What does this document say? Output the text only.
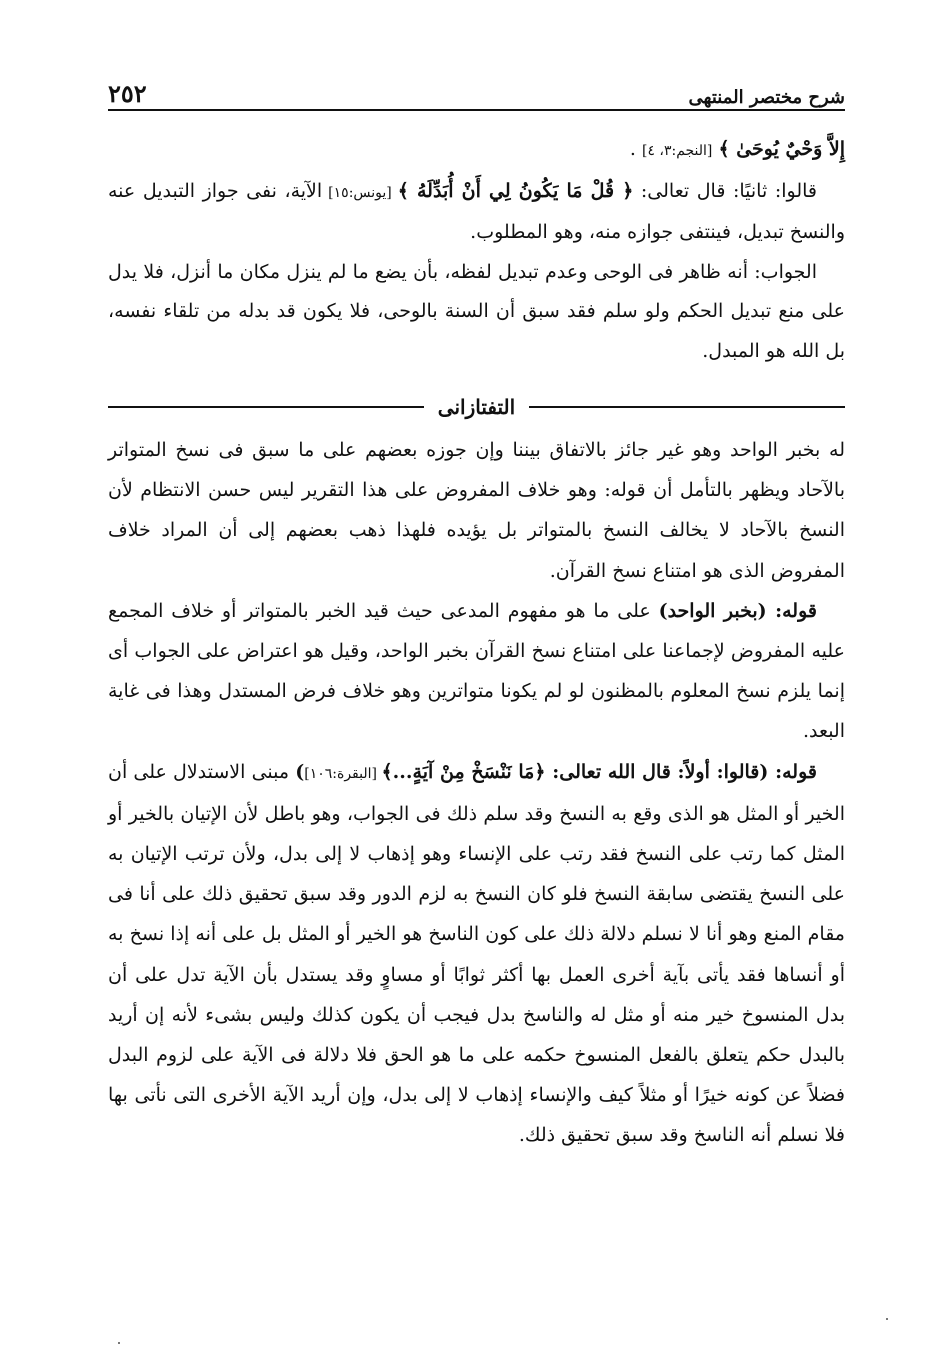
٢٥٢	شرح مختصر المنتهى

إِلاَّ وَحْيٌ يُوحَىٰ ﴾ [النجم:٣، ٤] .

قالوا: ثانيًا: قال تعالى: ﴿ قُلْ مَا يَكُونُ لِي أَنْ أُبَدِّلَهُ ﴾ [يونس:١٥] الآية، نفى جواز التبديل عنه والنسخ تبديل، فينتفى جوازه منه، وهو المطلوب.

الجواب: أنه ظاهر فى الوحى وعدم تبديل لفظه، بأن يضع ما لم ينزل مكان ما أنزل، فلا يدل على منع تبديل الحكم ولو سلم فقد سبق أن السنة بالوحى، فلا يكون قد بدله من تلقاء نفسه، بل الله هو المبدل.

التفتازانى

له بخبر الواحد وهو غير جائز بالاتفاق بيننا وإن جوزه بعضهم على ما سبق فى نسخ المتواتر بالآحاد ويظهر بالتأمل أن قوله: وهو خلاف المفروض على هذا التقرير ليس حسن الانتظام لأن النسخ بالآحاد لا يخالف النسخ بالمتواتر بل يؤيده فلهذا ذهب بعضهم إلى أن المراد خلاف المفروض الذى هو امتناع نسخ القرآن.

قوله: (بخبر الواحد) على ما هو مفهوم المدعى حيث قيد الخبر بالمتواتر أو خلاف المجمع عليه المفروض لإجماعنا على امتناع نسخ القرآن بخبر الواحد، وقيل هو اعتراض على الجواب أى إنما يلزم نسخ المعلوم بالمظنون لو لم يكونا متواترين وهو خلاف فرض المستدل وهذا فى غاية البعد.

قوله: (قالوا: أولاً: قال الله تعالى: ﴿مَا نَنْسَخْ مِنْ آيَةٍ...﴾ [البقرة:١٠٦]) مبنى الاستدلال على أن الخير أو المثل هو الذى وقع به النسخ وقد سلم ذلك فى الجواب، وهو باطل لأن الإتيان بالخير أو المثل كما رتب على النسخ فقد رتب على الإنساء وهو إذهاب لا إلى بدل، ولأن ترتب الإتيان به على النسخ يقتضى سابقة النسخ فلو كان النسخ به لزم الدور وقد سبق تحقيق ذلك على أنا فى مقام المنع وهو أنا لا نسلم دلالة ذلك على كون الناسخ هو الخير أو المثل بل على أنه إذا نسخ به أو أنساها فقد يأتى بآية أخرى العمل بها أكثر ثوابًا أو مساوٍ وقد يستدل بأن الآية تدل على أن بدل المنسوخ خير منه أو مثل له والناسخ بدل فيجب أن يكون كذلك وليس بشىء لأنه إن أريد بالبدل حكم يتعلق بالفعل المنسوخ حكمه على ما هو الحق فلا دلالة فى الآية على لزوم البدل فضلاً عن كونه خيرًا أو مثلاً كيف والإنساء إذهاب لا إلى بدل، وإن أريد الآية الأخرى التى نأتى بها فلا نسلم أنه الناسخ وقد سبق تحقيق ذلك.
